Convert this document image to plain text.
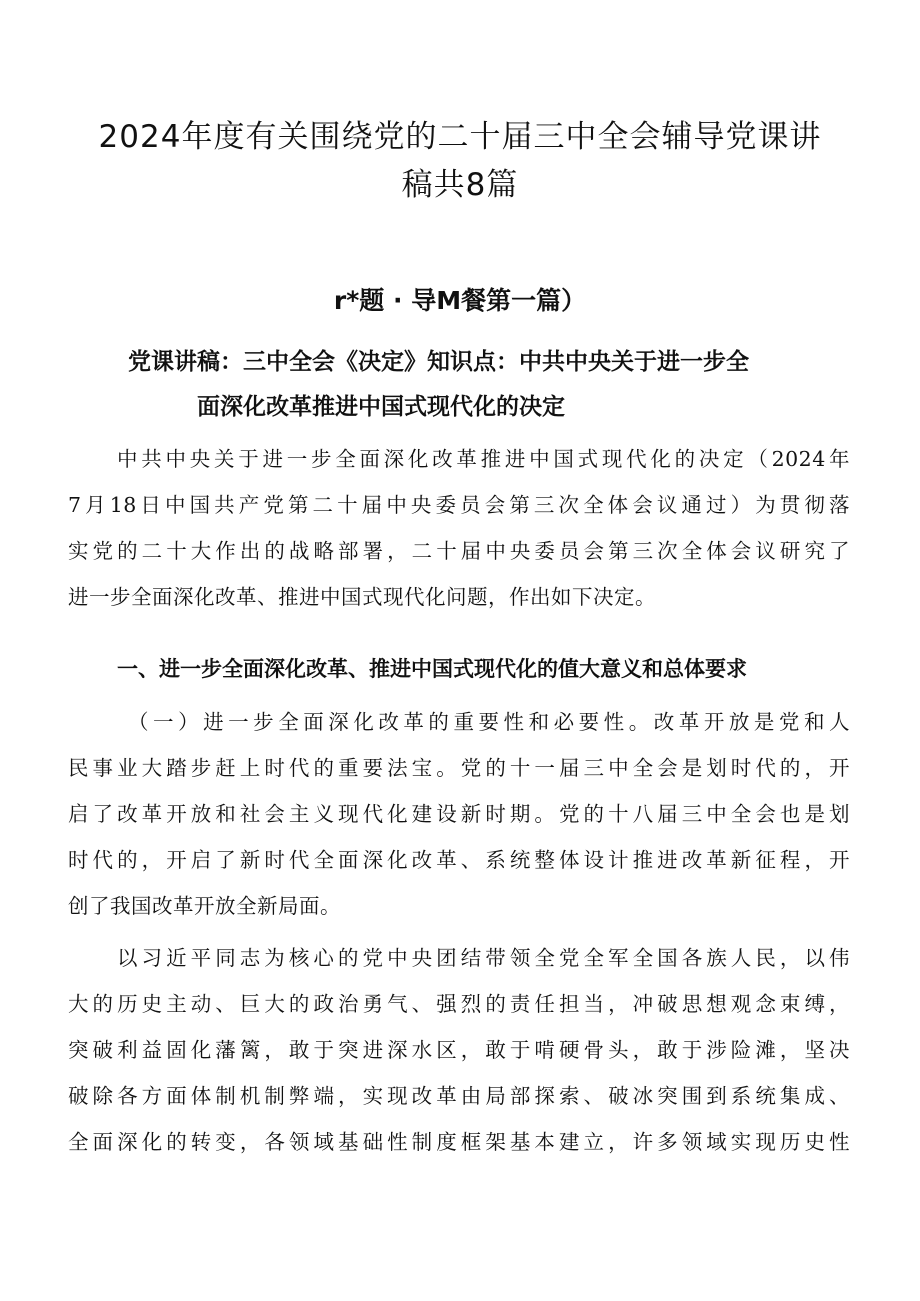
2024年度有关围绕党的二十届三中全会辅导党课讲
稿共8篇
r*题 · 导M餐第一篇）
党课讲稿：三中全会《决定》知识点：中共中央关于进一步全
面深化改革推进中国式现代化的决定
中共中央关于进一步全面深化改革推进中国式现代化的决定（2024年
7月18日中国共产党第二十届中央委员会第三次全体会议通过）为贯彻落
实党的二十大作出的战略部署，二十届中央委员会第三次全体会议研究了
进一步全面深化改革、推进中国式现代化问题，作出如下决定。
一、进一步全面深化改革、推进中国式现代化的值大意义和总体要求
（一）进一步全面深化改革的重要性和必要性。改革开放是党和人
民事业大踏步赶上时代的重要法宝。党的十一届三中全会是划时代的，开
启了改革开放和社会主义现代化建设新时期。党的十八届三中全会也是划
时代的，开启了新时代全面深化改革、系统整体设计推进改革新征程，开
创了我国改革开放全新局面。
以习近平同志为核心的党中央团结带领全党全军全国各族人民，以伟
大的历史主动、巨大的政治勇气、强烈的责任担当，冲破思想观念束缚，
突破利益固化藩篱，敢于突进深水区，敢于啃硬骨头，敢于涉险滩，坚决
破除各方面体制机制弊端，实现改革由局部探索、破冰突围到系统集成、
全面深化的转变，各领域基础性制度框架基本建立，许多领域实现历史性
